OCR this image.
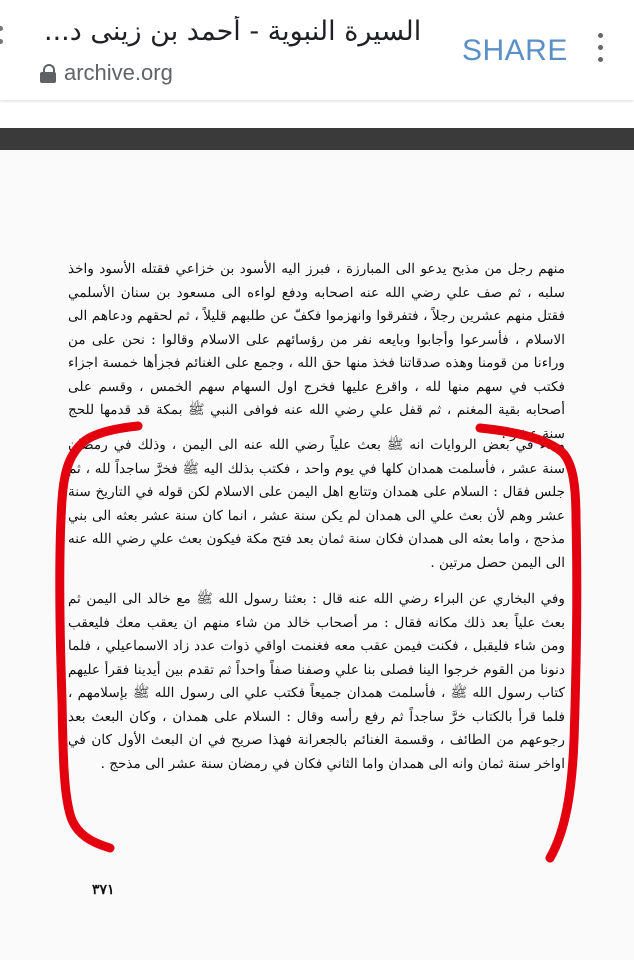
السيرة النبوية - أحمد بن زينى د...
archive.org
SHARE

منهم رجل من مذبح يدعو الى المبارزة ، فبرز اليه الأسود بن خزاعي فقتله الأسود واخذ سلبه ، ثم صف علي رضي الله عنه اصحابه ودفع لواءه الى مسعود بن سنان الأسلمي فقتل منهم عشرين رجلاً ، فتفرقوا وانهزموا فكفّ عن طلبهم قليلاً ، ثم لحقهم ودعاهم الى الاسلام ، فأسرعوا وأجابوا وبايعه نفر من رؤسائهم على الاسلام وقالوا : نحن على من وراءنا من قومنا وهذه صدقاتنا فخذ منها حق الله ، وجمع على الغنائم فجزأها خمسة اجزاء فكتب في سهم منها لله ، واقرع عليها فخرج اول السهام سهم الخمس ، وقسم على أصحابه بقية المغنم ، ثم قفل علي رضي الله عنه فوافى النبي ﷺ بمكة قد قدمها للحج سنة عشر .

وجاء في بعض الروايات انه ﷺ بعث علياً رضي الله عنه الى اليمن ، وذلك في رمضان سنة عشر ، فأسلمت همدان كلها في يوم واحد ، فكتب بذلك اليه ﷺ فخرَّ ساجداً لله ، ثم جلس فقال : السلام على همدان وتتابع اهل اليمن على الاسلام لكن قوله في التاريخ سنة عشر وهم لأن بعث علي الى همدان لم يكن سنة عشر ، انما كان سنة عشر بعثه الى بني مذحج ، واما بعثه الى همدان فكان سنة ثمان بعد فتح مكة فيكون بعث علي رضي الله عنه الى اليمن حصل مرتين .

وفي البخاري عن البراء رضي الله عنه قال : بعثنا رسول الله ﷺ مع خالد الى اليمن ثم بعث علياً بعد ذلك مكانه فقال : مر أصحاب خالد من شاء منهم ان يعقب معك فليعقب ومن شاء فليقبل ، فكنت فيمن عقب معه فغنمت اواقي ذوات عدد زاد الاسماعيلي ، فلما دنونا من القوم خرجوا الينا فصلى بنا علي وصفنا صفاً واحداً ثم تقدم بين أيدينا فقرأ عليهم كتاب رسول الله ﷺ ، فأسلمت همدان جميعاً فكتب علي الى رسول الله ﷺ بإسلامهم ، فلما قرأ بالكتاب خرَّ ساجداً ثم رفع رأسه وقال : السلام على همدان ، وكان البعث بعد رجوعهم من الطائف ، وقسمة الغنائم بالجعرانة فهذا صريح في ان البعث الأول كان في اواخر سنة ثمان وانه الى همدان واما الثاني فكان في رمضان سنة عشر الى مذحج .

٣٧١
